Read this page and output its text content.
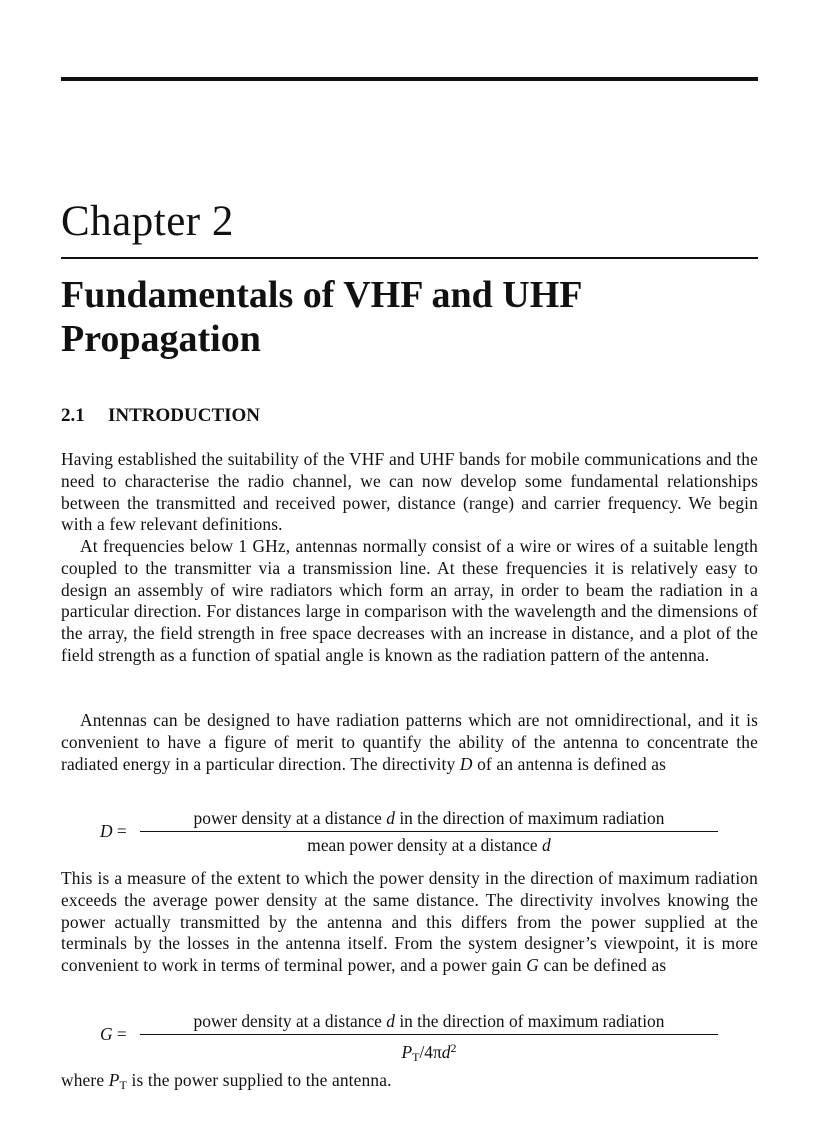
Chapter 2
Fundamentals of VHF and UHF
Propagation
2.1 INTRODUCTION

Having established the suitability of the VHF and UHF bands for mobile communications and the need to characterise the radio channel, we can now develop some fundamental relationships between the transmitted and received power, distance (range) and carrier frequency. We begin with a few relevant definitions.

At frequencies below 1 GHz, antennas normally consist of a wire or wires of a suitable length coupled to the transmitter via a transmission line. At these frequencies it is relatively easy to design an assembly of wire radiators which form an array, in order to beam the radiation in a particular direction. For distances large in comparison with the wavelength and the dimensions of the array, the field strength in free space decreases with an increase in distance, and a plot of the field strength as a function of spatial angle is known as the radiation pattern of the antenna.

Antennas can be designed to have radiation patterns which are not omnidirectional, and it is convenient to have a figure of merit to quantify the ability of the antenna to concentrate the radiated energy in a particular direction. The directivity D of an antenna is defined as

D =
power density at a distance d in the direction of maximum radiation
mean power density at a distance d

This is a measure of the extent to which the power density in the direction of maximum radiation exceeds the average power density at the same distance. The directivity involves knowing the power actually transmitted by the antenna and this differs from the power supplied at the terminals by the losses in the antenna itself. From the system designer’s viewpoint, it is more convenient to work in terms of terminal power, and a power gain G can be defined as

G =
power density at a distance d in the direction of maximum radiation
$P_T/4\pi d^2$

where $P_T$ is the power supplied to the antenna.
